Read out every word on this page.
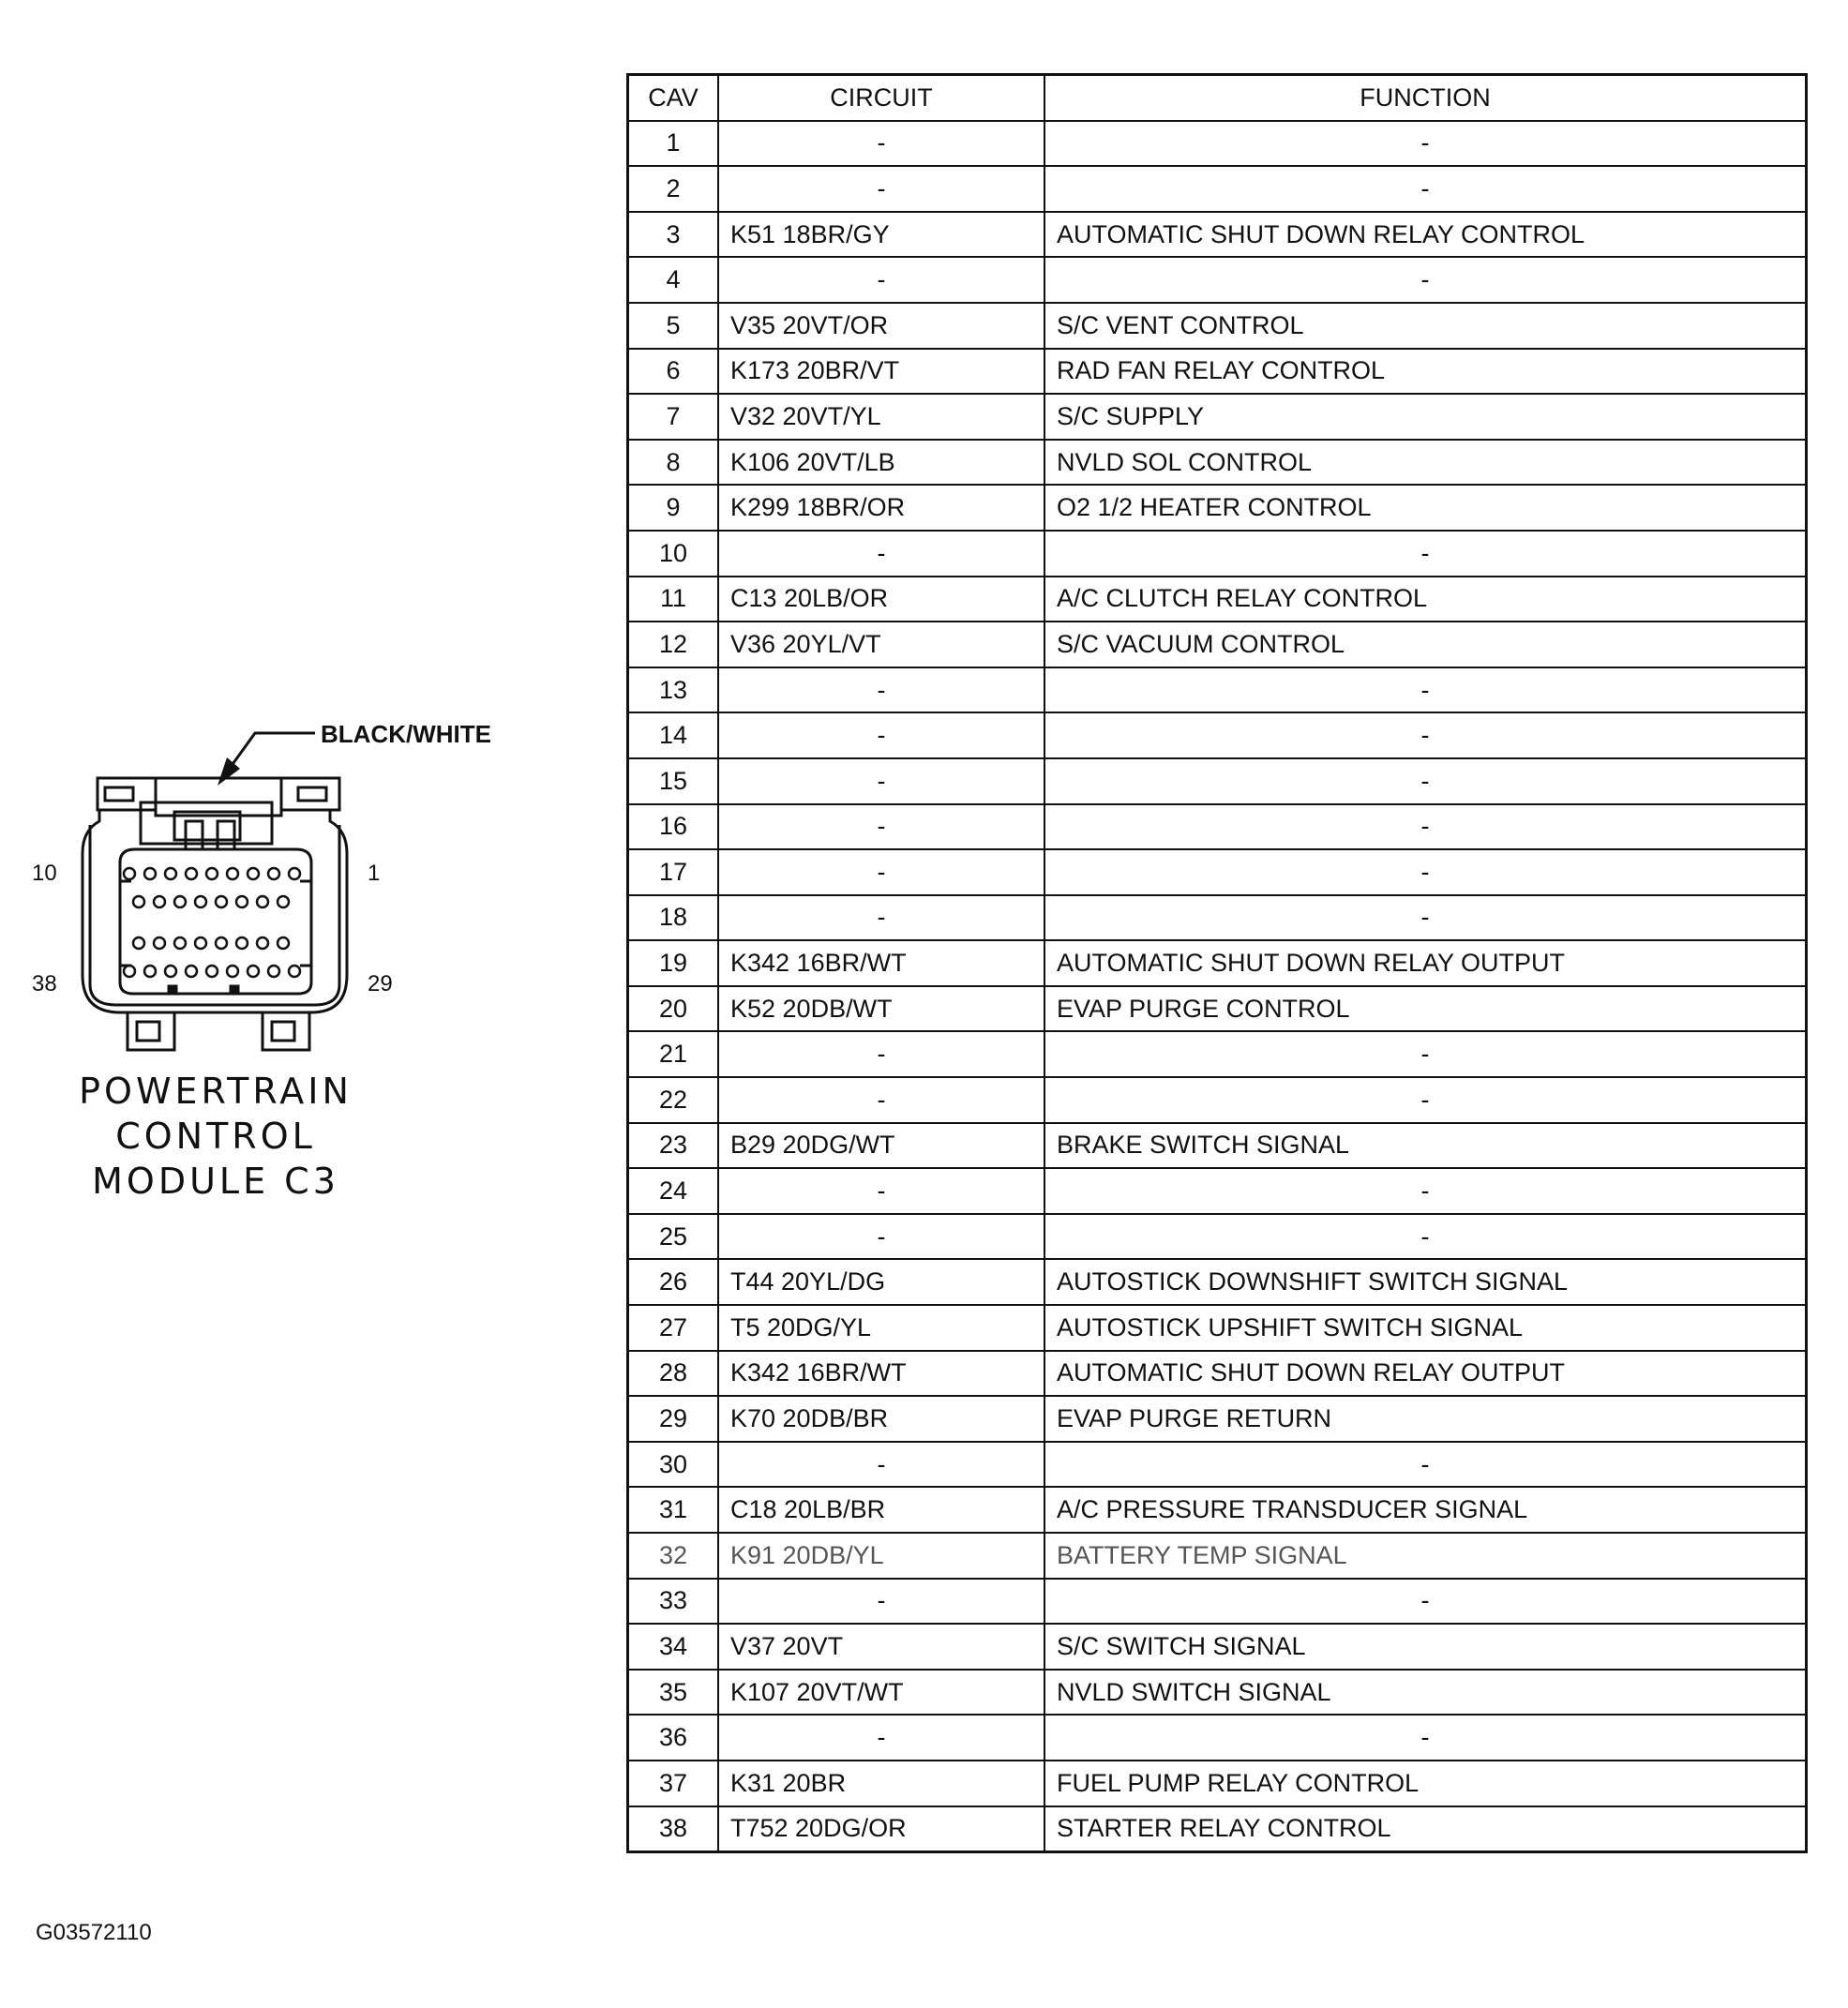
BLACK/WHITE
10	1
38	29
POWERTRAIN
CONTROL
MODULE C3
CAV	CIRCUIT	FUNCTION
1	-	-
2	-	-
3	K51 18BR/GY	AUTOMATIC SHUT DOWN RELAY CONTROL
4	-	-
5	V35 20VT/OR	S/C VENT CONTROL
6	K173 20BR/VT	RAD FAN RELAY CONTROL
7	V32 20VT/YL	S/C SUPPLY
8	K106 20VT/LB	NVLD SOL CONTROL
9	K299 18BR/OR	O2 1/2 HEATER CONTROL
10	-	-
11	C13 20LB/OR	A/C CLUTCH RELAY CONTROL
12	V36 20YL/VT	S/C VACUUM CONTROL
13	-	-
14	-	-
15	-	-
16	-	-
17	-	-
18	-	-
19	K342 16BR/WT	AUTOMATIC SHUT DOWN RELAY OUTPUT
20	K52 20DB/WT	EVAP PURGE CONTROL
21	-	-
22	-	-
23	B29 20DG/WT	BRAKE SWITCH SIGNAL
24	-	-
25	-	-
26	T44 20YL/DG	AUTOSTICK DOWNSHIFT SWITCH SIGNAL
27	T5 20DG/YL	AUTOSTICK UPSHIFT SWITCH SIGNAL
28	K342 16BR/WT	AUTOMATIC SHUT DOWN RELAY OUTPUT
29	K70 20DB/BR	EVAP PURGE RETURN
30	-	-
31	C18 20LB/BR	A/C PRESSURE TRANSDUCER SIGNAL
32	K91 20DB/YL	BATTERY TEMP SIGNAL
33	-	-
34	V37 20VT	S/C SWITCH SIGNAL
35	K107 20VT/WT	NVLD SWITCH SIGNAL
36	-	-
37	K31 20BR	FUEL PUMP RELAY CONTROL
38	T752 20DG/OR	STARTER RELAY CONTROL
G03572110
